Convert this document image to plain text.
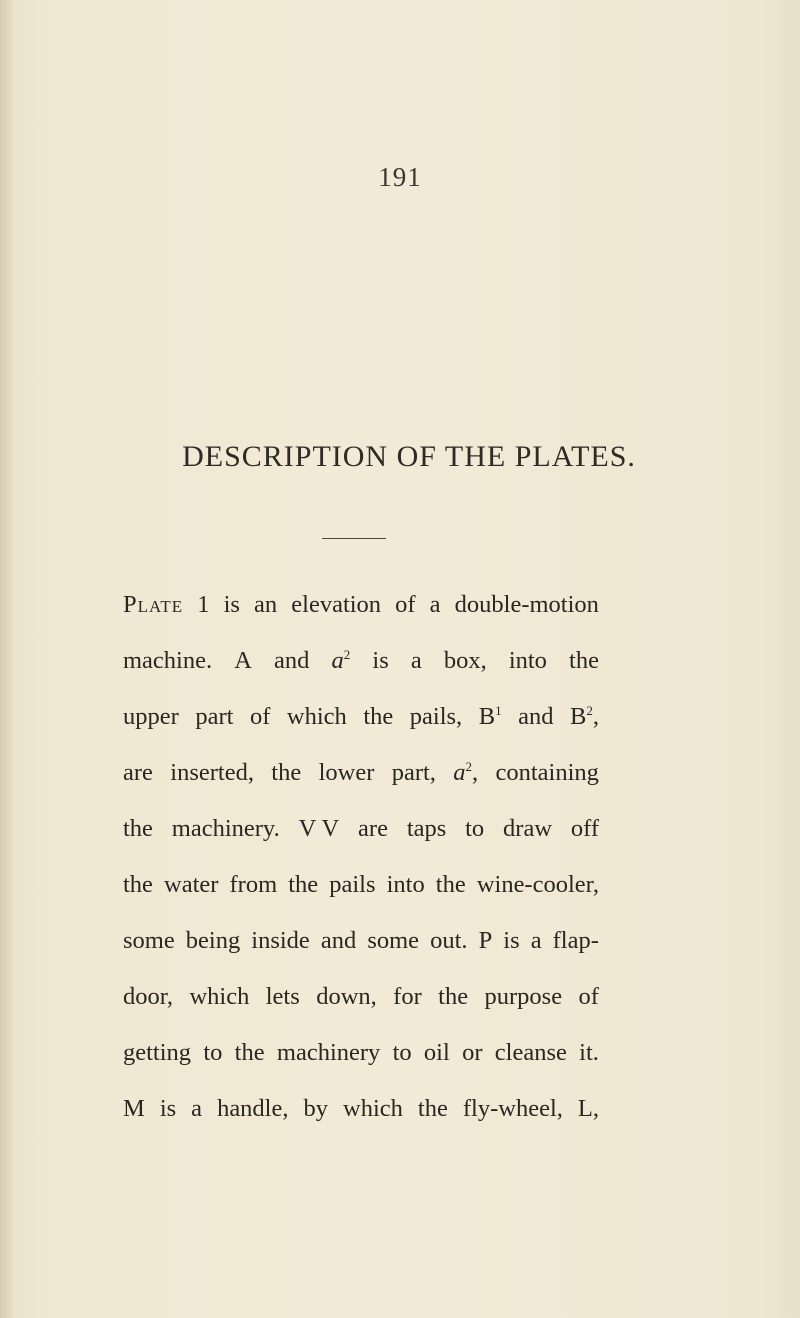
191
DESCRIPTION OF THE PLATES.
Plate 1 is an elevation of a double-motion
machine. A and $a^2$ is a box, into the
upper part of which the pails, $B^1$ and $B^2$,
are inserted, the lower part, $a^2$, containing
the machinery. V V are taps to draw off
the water from the pails into the wine-cooler,
some being inside and some out. P is a flap-
door, which lets down, for the purpose of
getting to the machinery to oil or cleanse it.
M is a handle, by which the fly-wheel, L,
